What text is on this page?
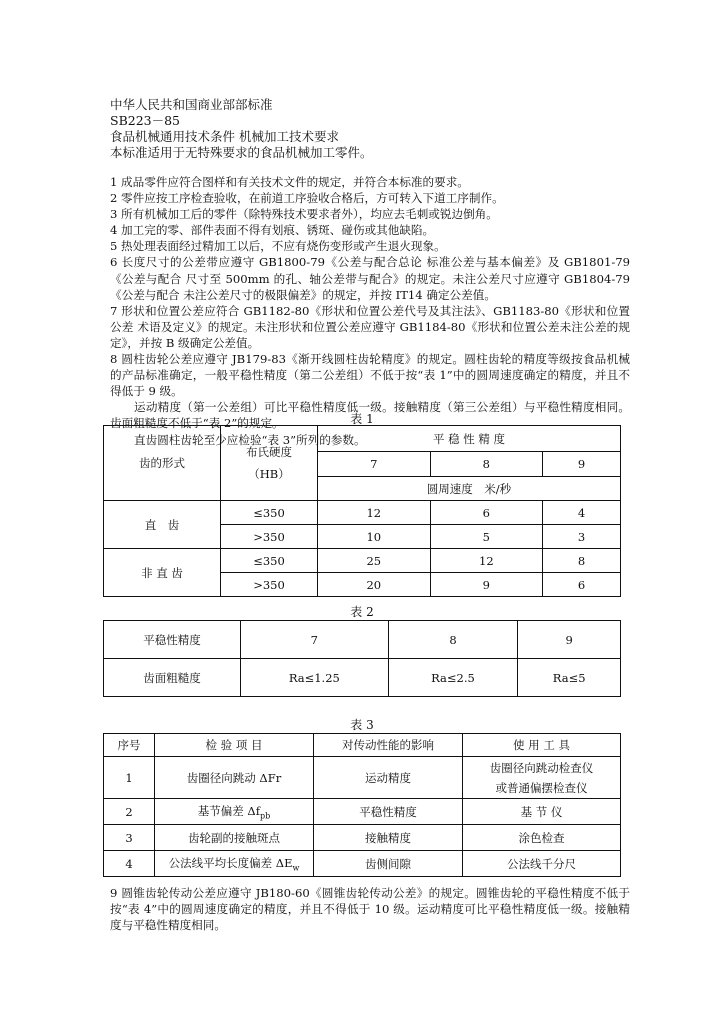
中华人民共和国商业部部标准
SB223－85
食品机械通用技术条件 机械加工技术要求
本标准适用于无特殊要求的食品机械加工零件。

1 成品零件应符合图样和有关技术文件的规定，并符合本标准的要求。

2 零件应按工序检查验收，在前道工序验收合格后，方可转入下道工序制作。

3 所有机械加工后的零件（除特殊技术要求者外），均应去毛刺或锐边倒角。

4 加工完的零、部件表面不得有划痕、锈斑、碰伤或其他缺陷。

5 热处理表面经过精加工以后，不应有烧伤变形或产生退火现象。

6 长度尺寸的公差带应遵守 GB1800-79《公差与配合总论 标准公差与基本偏差》及 GB1801-79《公差与配合 尺寸至 500mm 的孔、轴公差带与配合》的规定。未注公差尺寸应遵守 GB1804-79《公差与配合 未注公差尺寸的极限偏差》的规定，并按 IT14 确定公差值。

7 形状和位置公差应符合 GB1182-80《形状和位置公差代号及其注法》、GB1183-80《形状和位置公差 术语及定义》的规定。未注形状和位置公差应遵守 GB1184-80《形状和位置公差未注公差的规定》，并按 B 级确定公差值。

8 圆柱齿轮公差应遵守 JB179-83《渐开线圆柱齿轮精度》的规定。圆柱齿轮的精度等级按食品机械的产品标准确定，一般平稳性精度（第二公差组）不低于按“表 1”中的圆周速度确定的精度，并且不得低于 9 级。

运动精度（第一公差组）可比平稳性精度低一级。接触精度（第三公差组）与平稳性精度相同。齿面粗糙度不低于“表 2”的规定。

直齿圆柱齿轮至少应检验“表 3”所列的参数。

表 1
齿的形式	布氏硬度
（HB）	平 稳 性 精 度		
		7	8	9
		圆周速度　米/秒		
直　齿	≤350	12	6	4
	>350	10	5	3
非 直 齿	≤350	25	12	8
	>350	20	9	6
表 2
平稳性精度	7	8	9
齿面粗糙度	Ra≤1.25	Ra≤2.5	Ra≤5
表 3
序号	检 验 项 目	对传动性能的影响	使 用 工 具
1	齿圈径向跳动 ΔFr	运动精度	齿圈径向跳动检查仪
或普通偏摆检查仪

2	基节偏差 $\Delta f_{pb}$	平稳性精度	基 节 仪
3	齿轮副的接触斑点	接触精度	涂色检查
4	公法线平均长度偏差 $\Delta E_w$	齿侧间隙	公法线千分尺

9 圆锥齿轮传动公差应遵守 JB180-60《圆锥齿轮传动公差》的规定。圆锥齿轮的平稳性精度不低于按“表 4”中的圆周速度确定的精度，并且不得低于 10 级。运动精度可比平稳性精度低一级。接触精度与平稳性精度相同。
